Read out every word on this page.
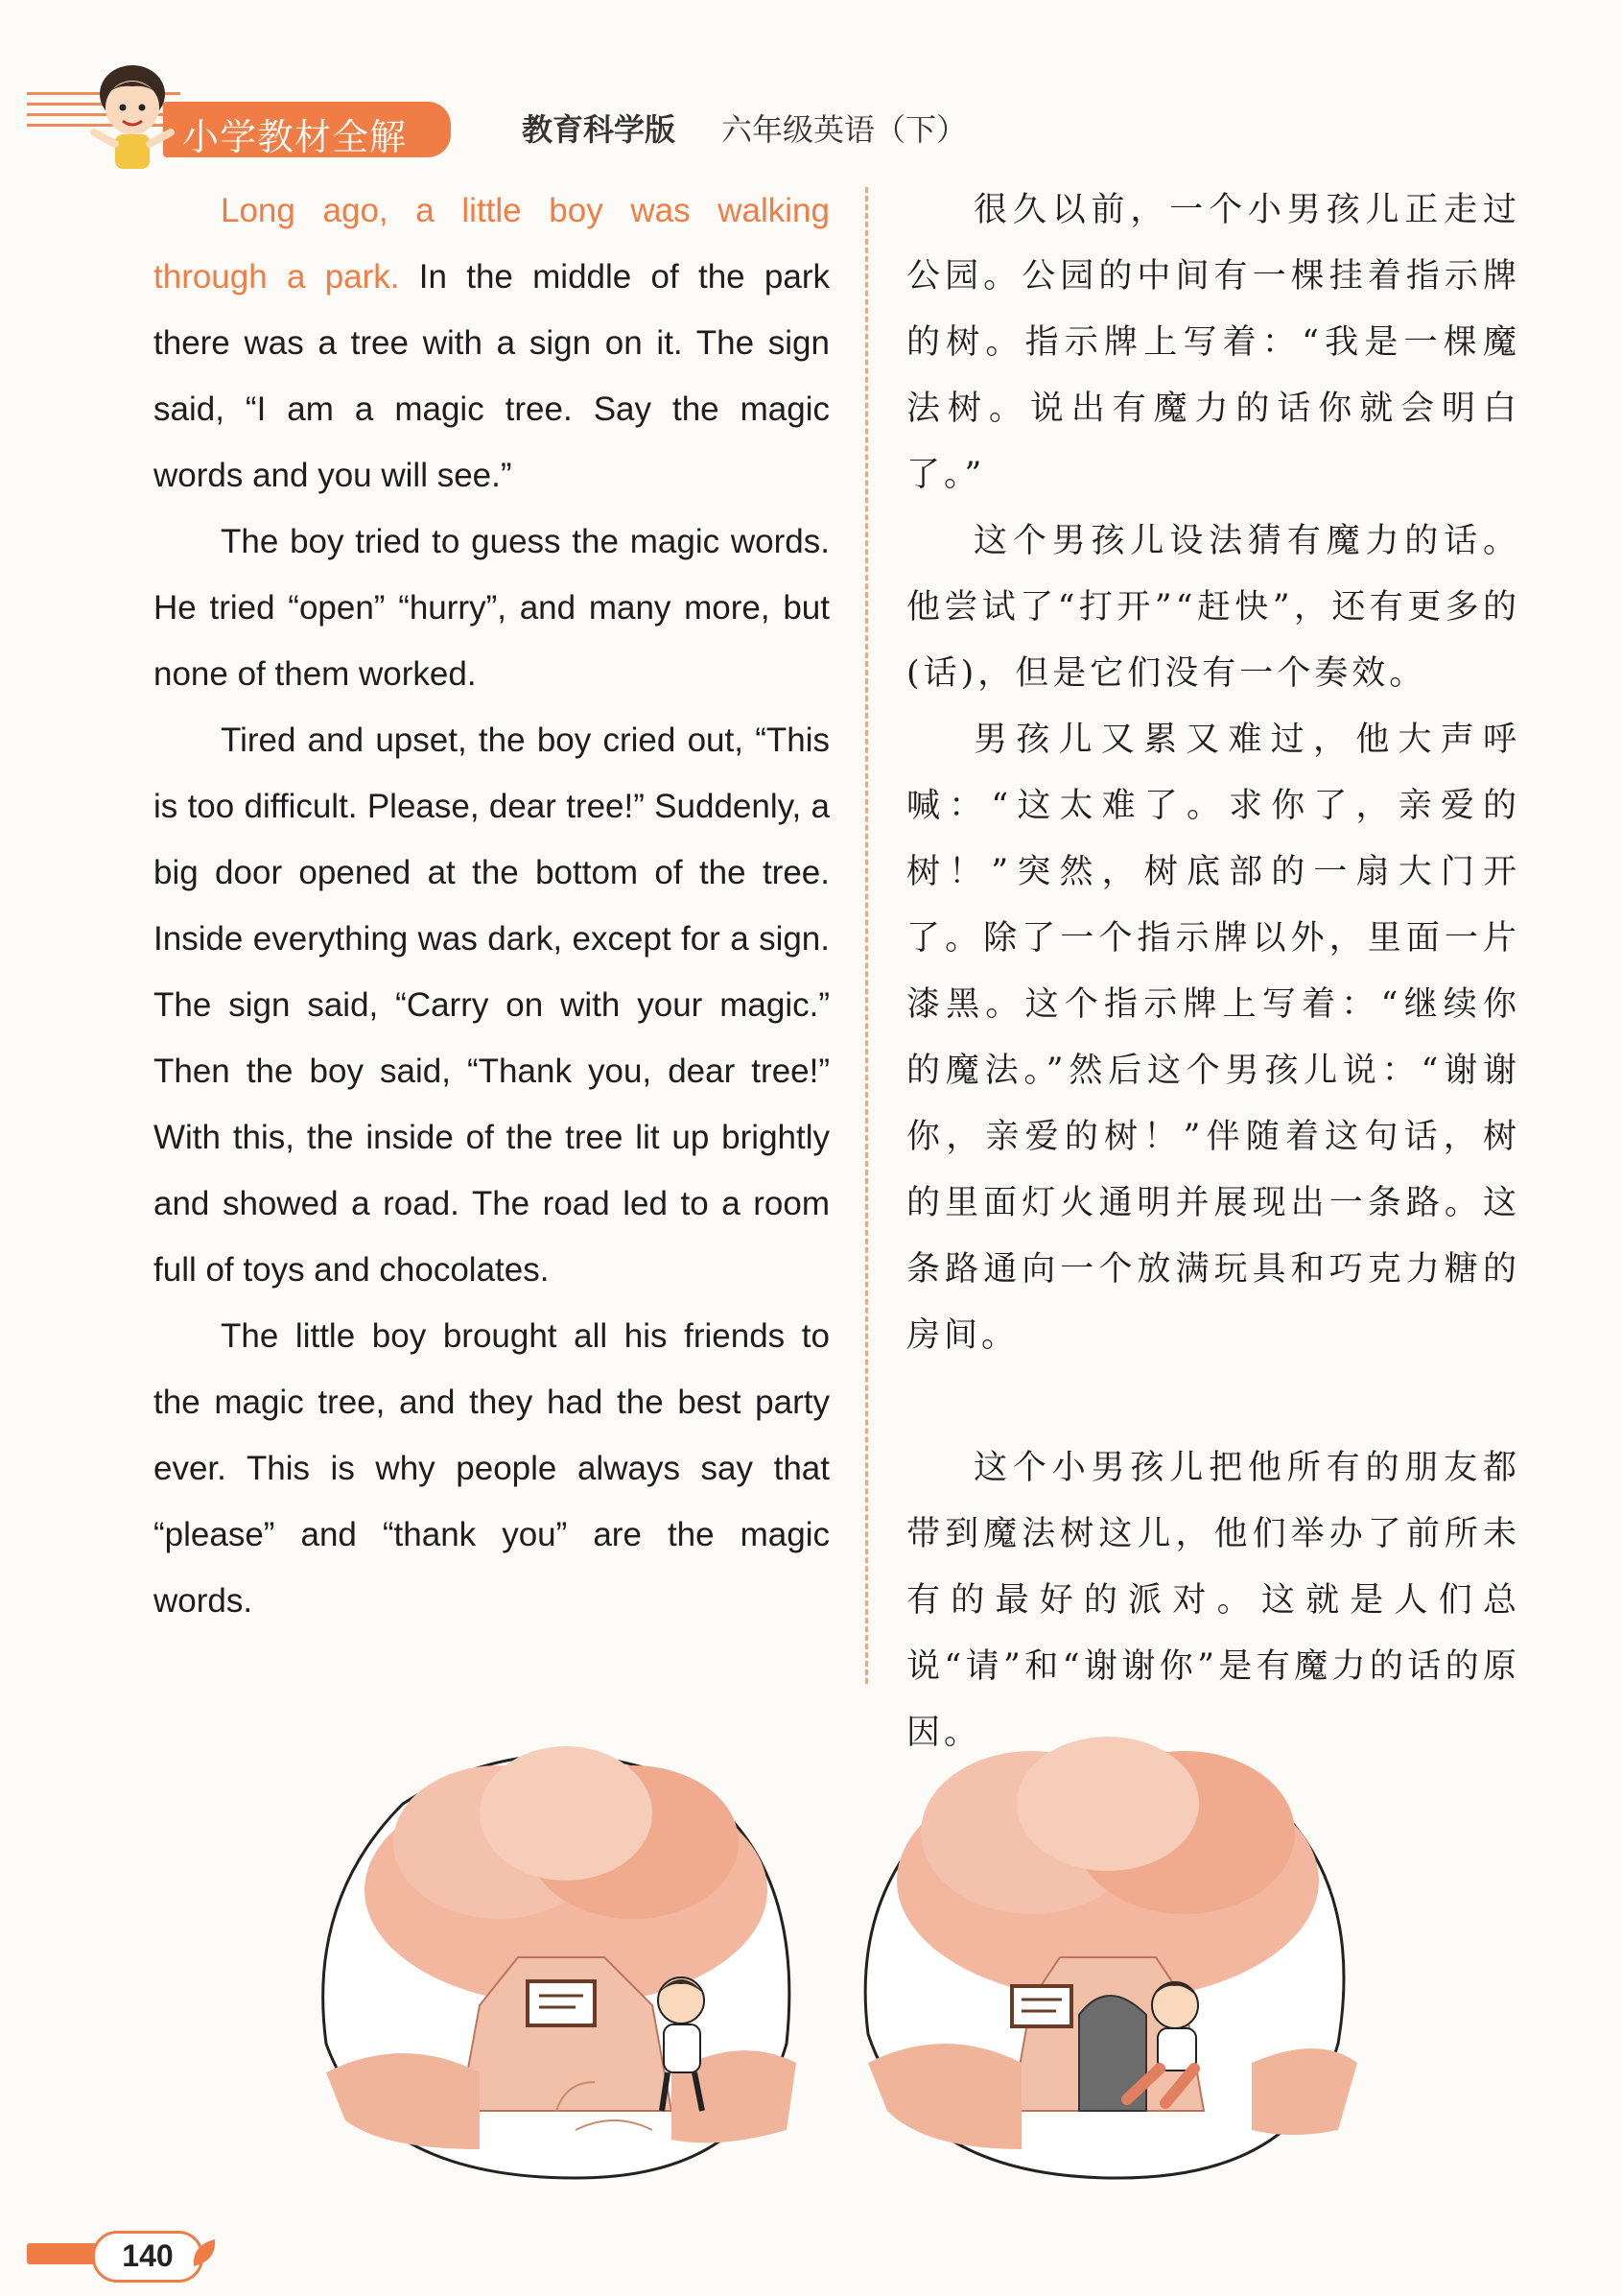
小学教材全解	教育科学版 六年级英语（下）

Long ago, a little boy was walking through a park. In the middle of the park there was a tree with a sign on it. The sign said, “I am a magic tree. Say the magic words and you will see.”

The boy tried to guess the magic words. He tried “open” “hurry”, and many more, but none of them worked.

Tired and upset, the boy cried out, “This is too difficult. Please, dear tree!” Suddenly, a big door opened at the bottom of the tree. Inside everything was dark, except for a sign. The sign said, “Carry on with your magic.” Then the boy said, “Thank you, dear tree!” With this, the inside of the tree lit up brightly and showed a road. The road led to a room full of toys and chocolates.

The little boy brought all his friends to the magic tree, and they had the best party ever. This is why people always say that “please” and “thank you” are the magic words.

很久以前，一个小男孩儿正走过公园。公园的中间有一棵挂着指示牌的树。指示牌上写着：“我是一棵魔法树。说出有魔力的话你就会明白了。”

这个男孩儿设法猜有魔力的话。他尝试了“打开”“赶快”，还有更多的(话)，但是它们没有一个奏效。

男孩儿又累又难过，他大声呼喊：“这太难了。求你了，亲爱的树！”突然，树底部的一扇大门开了。除了一个指示牌以外，里面一片漆黑。这个指示牌上写着：“继续你的魔法。”然后这个男孩儿说：“谢谢你，亲爱的树！”伴随着这句话，树的里面灯火通明并展现出一条路。这条路通向一个放满玩具和巧克力糖的房间。

这个小男孩儿把他所有的朋友都带到魔法树这儿，他们举办了前所未有的最好的派对。这就是人们总说“请”和“谢谢你”是有魔力的话的原因。

140
